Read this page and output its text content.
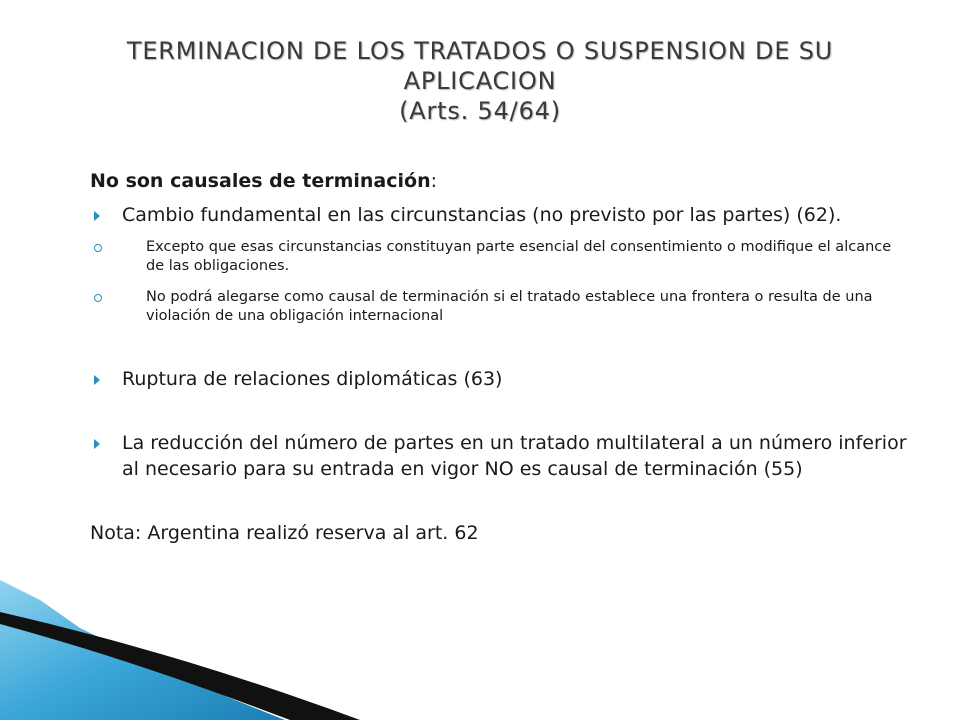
TERMINACION DE LOS TRATADOS O SUSPENSION DE SU APLICACION
(Arts. 54/64)
No son causales de terminación:
Cambio fundamental en las circunstancias (no previsto por las partes) (62).
Excepto que esas circunstancias constituyan parte esencial del consentimiento o modifique el alcance de las obligaciones.
No podrá alegarse como causal de terminación si el tratado establece una frontera o resulta de una violación de una obligación internacional
Ruptura de relaciones diplomáticas (63)
La reducción del número de partes en un tratado multilateral a un número inferior al necesario para su entrada en vigor NO es causal de terminación (55)
Nota: Argentina realizó reserva al art. 62
